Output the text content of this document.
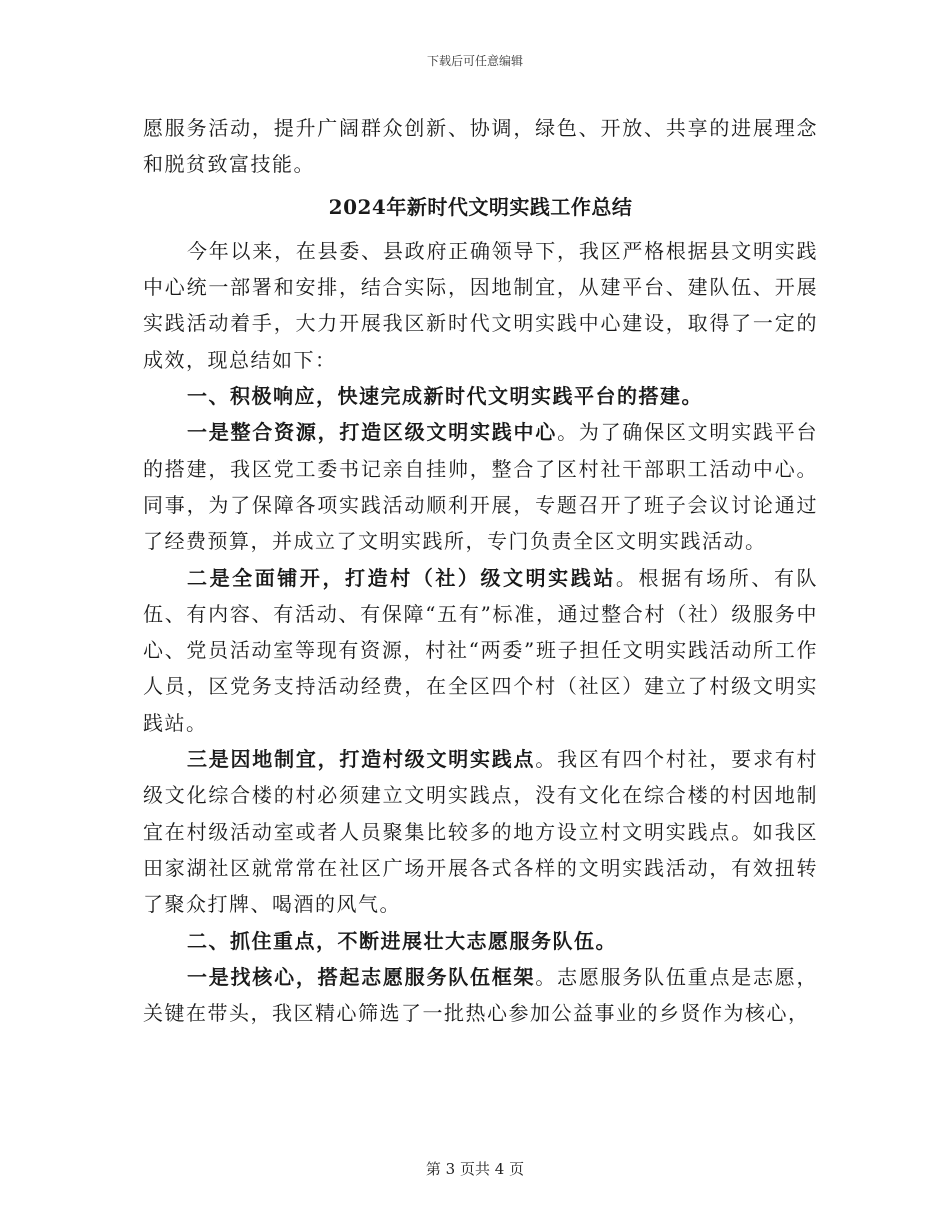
下载后可任意编辑

愿服务活动，提升广阔群众创新、协调，绿色、开放、共享的进展理念和脱贫致富技能。

2024年新时代文明实践工作总结

今年以来，在县委、县政府正确领导下，我区严格根据县文明实践中心统一部署和安排，结合实际，因地制宜，从建平台、建队伍、开展实践活动着手，大力开展我区新时代文明实践中心建设，取得了一定的成效，现总结如下：

一、积极响应，快速完成新时代文明实践平台的搭建。

一是整合资源，打造区级文明实践中心。为了确保区文明实践平台的搭建，我区党工委书记亲自挂帅，整合了区村社干部职工活动中心。同事，为了保障各项实践活动顺利开展，专题召开了班子会议讨论通过了经费预算，并成立了文明实践所，专门负责全区文明实践活动。

二是全面铺开，打造村（社）级文明实践站。根据有场所、有队伍、有内容、有活动、有保障“五有”标准，通过整合村（社）级服务中心、党员活动室等现有资源，村社“两委”班子担任文明实践活动所工作人员，区党务支持活动经费，在全区四个村（社区）建立了村级文明实践站。

三是因地制宜，打造村级文明实践点。我区有四个村社，要求有村级文化综合楼的村必须建立文明实践点，没有文化在综合楼的村因地制宜在村级活动室或者人员聚集比较多的地方设立村文明实践点。如我区田家湖社区就常常在社区广场开展各式各样的文明实践活动，有效扭转了聚众打牌、喝酒的风气。

二、抓住重点，不断进展壮大志愿服务队伍。

一是找核心，搭起志愿服务队伍框架。志愿服务队伍重点是志愿，关键在带头，我区精心筛选了一批热心参加公益事业的乡贤作为核心，

第 3 页共 4 页
